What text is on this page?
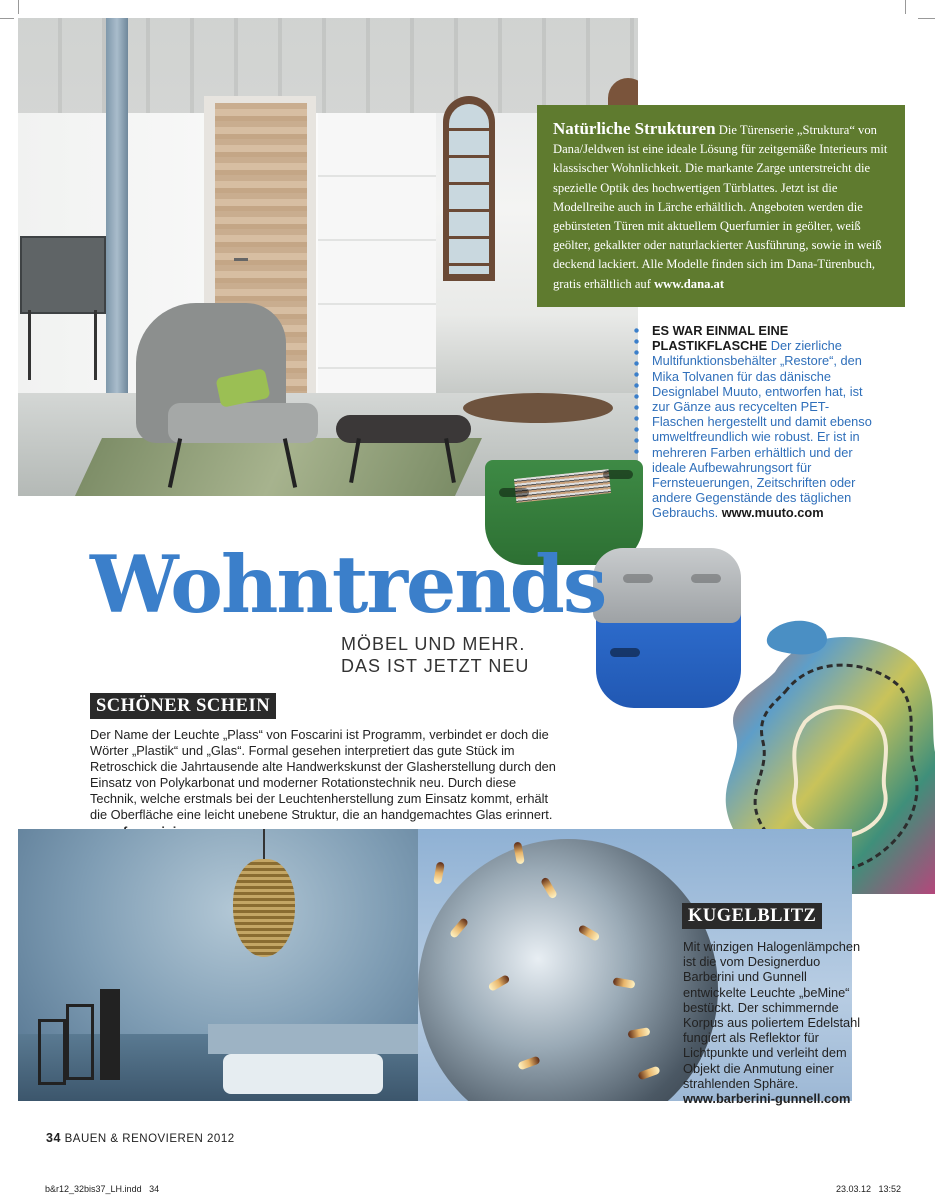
Natürliche Strukturen Die Türenserie „Struktura“ von Dana/Jeldwen ist eine ideale Lösung für zeitgemäße Interieurs mit klassischer Wohnlichkeit. Die markante Zarge unterstreicht die spezielle Optik des hochwertigen Türblattes. Jetzt ist die Modellreihe auch in Lärche erhältlich. Angeboten werden die gebürsteten Türen mit aktuellem Querfurnier in geölter, weiß geölter, gekalkter oder naturlackierter Ausführung, sowie in weiß deckend lackiert. Alle Modelle finden sich im Dana-Türenbuch, gratis erhältlich auf www.dana.at
ES WAR EINMAL EINE PLASTIKFLASCHE Der zierliche Multifunktionsbehälter „Restore“, den Mika Tolvanen für das dänische Designlabel Muuto, entworfen hat, ist zur Gänze aus recycelten PET-Flaschen hergestellt und damit ebenso umweltfreundlich wie robust. Er ist in mehreren Farben erhältlich und der ideale Aufbewahrungsort für Fernsteuerungen, Zeitschriften oder andere Gegenstände des täglichen Gebrauchs. www.muuto.com
Wohntrends
MÖBEL UND MEHR.
DAS IST JETZT NEU
SCHÖNER SCHEIN
Der Name der Leuchte „Plass“ von Foscarini ist Programm, verbindet er doch die Wörter „Plastik“ und „Glas“. Formal gesehen interpretiert das gute Stück im Retroschick die Jahrtausende alte Handwerkskunst der Glasherstellung durch den Einsatz von Polykarbonat und moderner Rotationstechnik neu. Durch diese Technik, welche erstmals bei der Leuchtenherstellung zum Einsatz kommt, erhält die Oberfläche eine leicht unebene Struktur, die an handgemachtes Glas erinnert.
KUGELBLITZ
Mit winzigen Halogenlämpchen ist die vom Designerduo Barberini und Gunnell entwickelte Leuchte „beMine“ bestückt. Der schimmernde Korpus aus poliertem Edelstahl fungiert als Reflektor für Lichtpunkte und verleiht dem Objekt die Anmutung einer strahlenden Sphäre. www.barberini-gunnell.com
34 BAUEN & RENOVIEREN 2012
b&r12_32bis37_LH.indd   34	23.03.12   13:52
